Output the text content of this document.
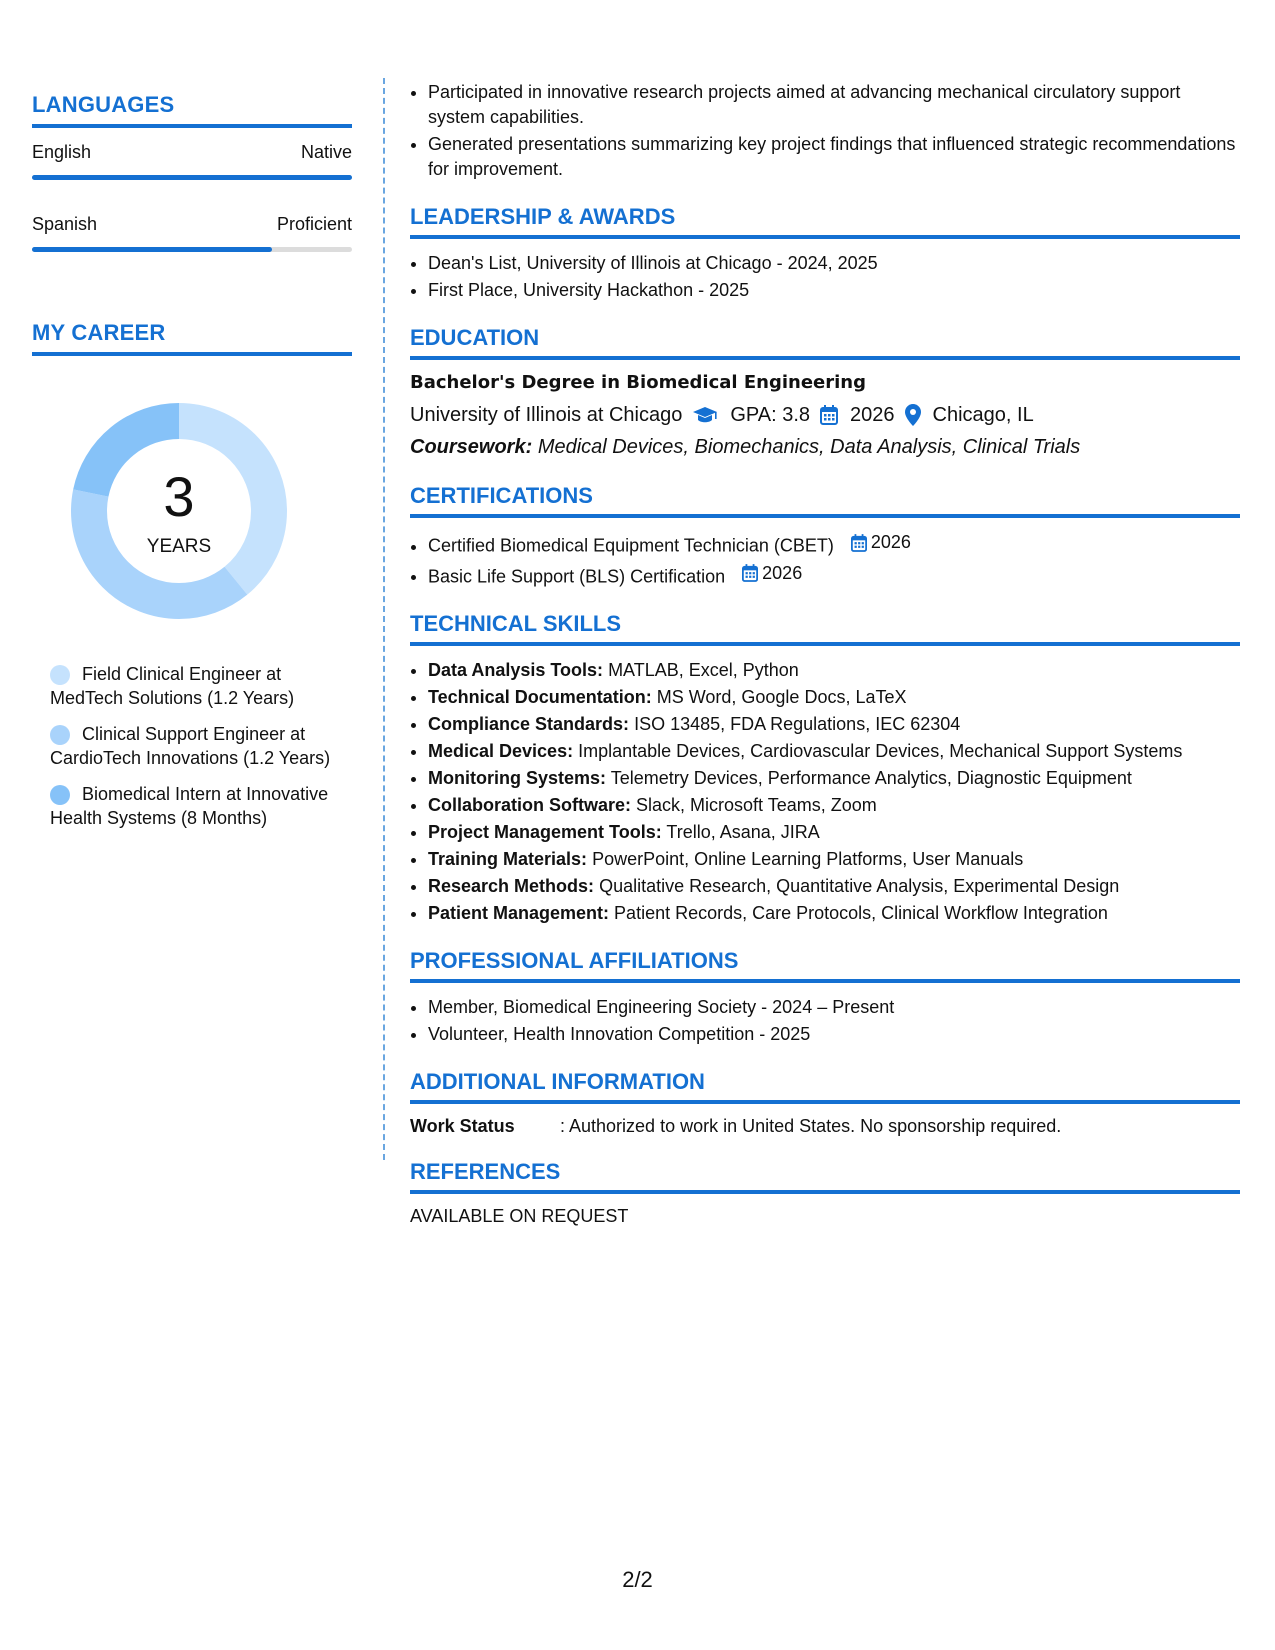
LANGUAGES
English	Native
Spanish	Proficient
MY CAREER
3
YEARS
Field Clinical Engineer at MedTech Solutions (1.2 Years)
Clinical Support Engineer at CardioTech Innovations (1.2 Years)
Biomedical Intern at Innovative Health Systems (8 Months)
• Participated in innovative research projects aimed at advancing mechanical circulatory support system capabilities.
• Generated presentations summarizing key project findings that influenced strategic recommendations for improvement.
LEADERSHIP & AWARDS
• Dean's List, University of Illinois at Chicago - 2024, 2025
• First Place, University Hackathon - 2025
EDUCATION
Bachelor's Degree in Biomedical Engineering
University of Illinois at Chicago GPA: 3.8 2026 Chicago, IL
Coursework: Medical Devices, Biomechanics, Data Analysis, Clinical Trials
CERTIFICATIONS
• Certified Biomedical Equipment Technician (CBET) 2026
• Basic Life Support (BLS) Certification 2026
TECHNICAL SKILLS
• Data Analysis Tools: MATLAB, Excel, Python
• Technical Documentation: MS Word, Google Docs, LaTeX
• Compliance Standards: ISO 13485, FDA Regulations, IEC 62304
• Medical Devices: Implantable Devices, Cardiovascular Devices, Mechanical Support Systems
• Monitoring Systems: Telemetry Devices, Performance Analytics, Diagnostic Equipment
• Collaboration Software: Slack, Microsoft Teams, Zoom
• Project Management Tools: Trello, Asana, JIRA
• Training Materials: PowerPoint, Online Learning Platforms, User Manuals
• Research Methods: Qualitative Research, Quantitative Analysis, Experimental Design
• Patient Management: Patient Records, Care Protocols, Clinical Workflow Integration
PROFESSIONAL AFFILIATIONS
• Member, Biomedical Engineering Society - 2024 – Present
• Volunteer, Health Innovation Competition - 2025
ADDITIONAL INFORMATION
Work Status	: Authorized to work in United States. No sponsorship required.
REFERENCES
AVAILABLE ON REQUEST
2/2
